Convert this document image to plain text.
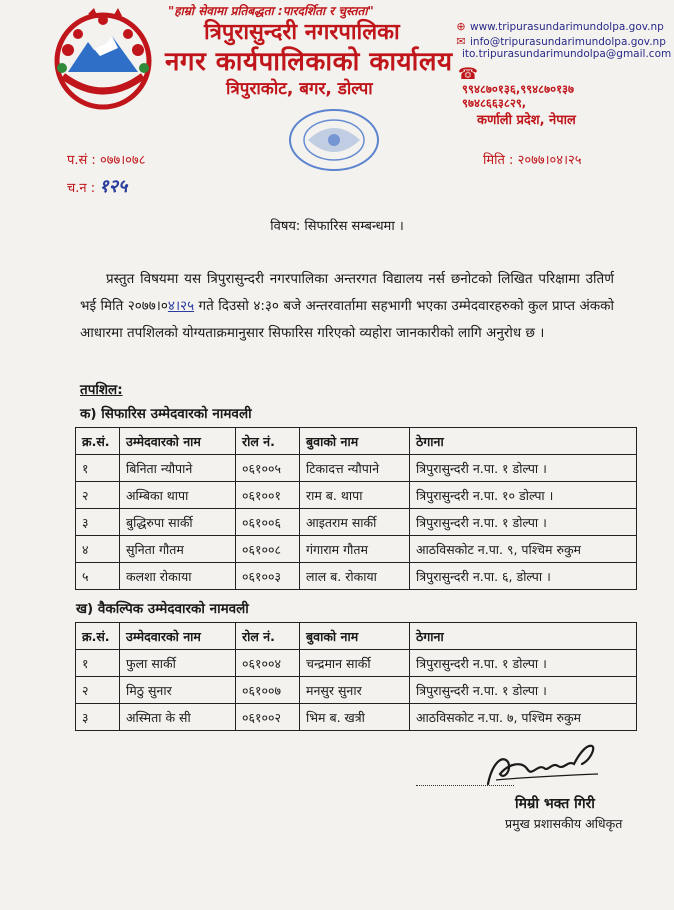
"हाम्रो सेवामा प्रतिबद्धता :पारदर्शिता र चुस्तता"
त्रिपुरासुन्दरी नगरपालिका
नगर कार्यपालिकाको कार्यालय
त्रिपुराकोट, बगर, डोल्पा
⊕ www.tripurasundarimundolpa.gov.np
✉ info@tripurasundarimundolpa.gov.np
ito.tripurasundarimundolpa@gmail.com
☎
९९४८७०१३६,९९४८७०१३७
९७४८६६३८२९,
कर्णाली प्रदेश, नेपाल
प.सं : ०७७।०७८
च.न : १२५
मिति : २०७७।०४।२५
विषय: सिफारिस सम्बन्धमा ।
प्रस्तुत विषयमा यस त्रिपुरासुन्दरी नगरपालिका अन्तरगत विद्यालय नर्स छनोटको लिखित परिक्षामा उतिर्ण भई मिति २०७७।०४।२५ गते दिउसो ४:३० बजे अन्तरवार्तामा सहभागी भएका उम्मेदवारहरुको कुल प्राप्त अंकको आधारमा तपशिलको योग्यताक्रमानुसार सिफारिस गरिएको व्यहोरा जानकारीको लागि अनुरोध छ ।
तपशिल:
क) सिफारिस उम्मेदवारको नामवली
क्र.सं.	उम्मेदवारको नाम	रोल नं.	बुवाको नाम	ठेगाना
१	बिनिता न्यौपाने	०६१००५	टिकादत्त न्यौपाने	त्रिपुरासुन्दरी न.पा. १ डोल्पा ।
२	अम्बिका थापा	०६१००१	राम ब. थापा	त्रिपुरासुन्दरी न.पा. १० डोल्पा ।
३	बुद्धिरुपा सार्की	०६१००६	आइतराम सार्की	त्रिपुरासुन्दरी न.पा. १ डोल्पा ।
४	सुनिता गौतम	०६१००८	गंगाराम गौतम	आठविसकोट न.पा. ९, पश्चिम रुकुम
५	कलशा रोकाया	०६१००३	लाल ब. रोकाया	त्रिपुरासुन्दरी न.पा. ६, डोल्पा ।
ख) वैकल्पिक उम्मेदवारको नामवली
क्र.सं.	उम्मेदवारको नाम	रोल नं.	बुवाको नाम	ठेगाना
१	फुला सार्की	०६१००४	चन्द्रमान सार्की	त्रिपुरासुन्दरी न.पा. १ डोल्पा ।
२	मिठु सुनार	०६१००७	मनसुर सुनार	त्रिपुरासुन्दरी न.पा. १ डोल्पा ।
३	अस्मिता के सी	०६१००२	भिम ब. खत्री	आठविसकोट न.पा. ७, पश्चिम रुकुम
मिम्री भक्त गिरी
प्रमुख प्रशासकीय अधिकृत
